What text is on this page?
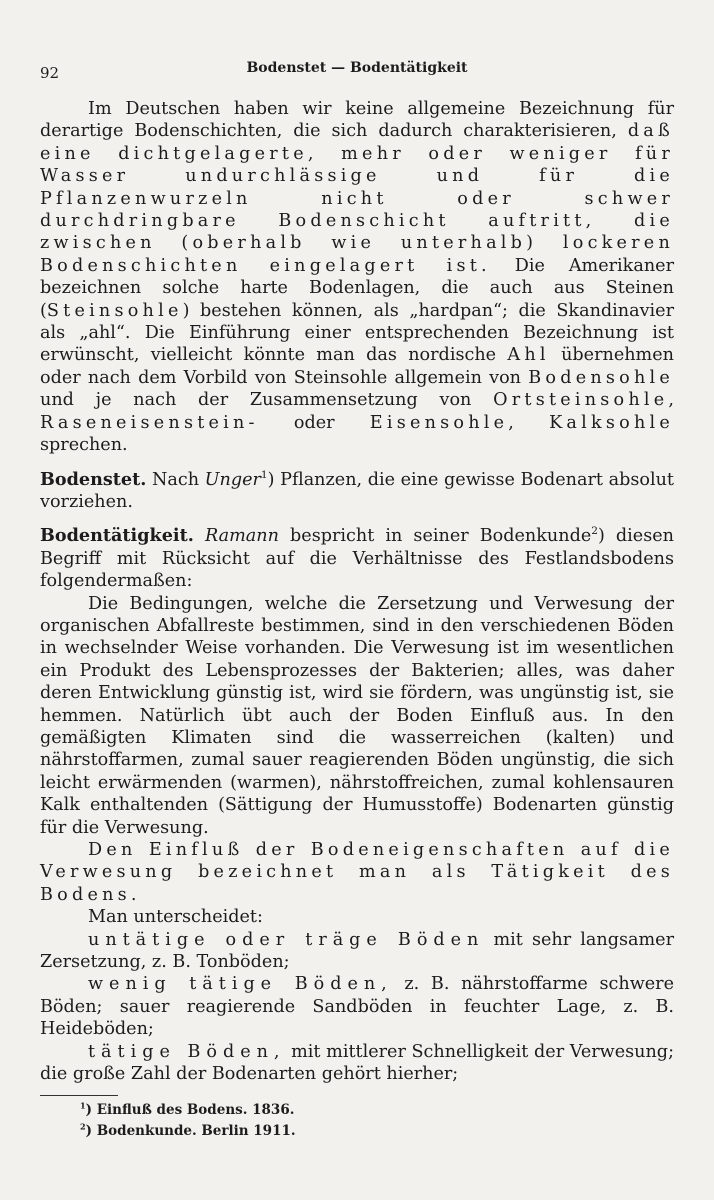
92	Bodenstet — Bodentätigkeit

Im Deutschen haben wir keine allgemeine Bezeichnung für derartige Bodenschichten, die sich dadurch charakterisieren, daß eine dichtgelagerte, mehr oder weniger für Wasser undurchlässige und für die Pflanzenwurzeln nicht oder schwer durchdringbare Bodenschicht auftritt, die zwischen (oberhalb wie unterhalb) lockeren Bodenschichten eingelagert ist. Die Amerikaner bezeichnen solche harte Bodenlagen, die auch aus Steinen (Steinsohle) bestehen können, als „hardpan“; die Skandinavier als „ahl“. Die Einführung einer entsprechenden Bezeichnung ist erwünscht, vielleicht könnte man das nordische Ahl übernehmen oder nach dem Vorbild von Steinsohle allgemein von Bodensohle und je nach der Zusammensetzung von Ortsteinsohle, Raseneisenstein- oder Eisensohle, Kalksohle sprechen.

Bodenstet. Nach Unger$^1$) Pflanzen, die eine gewisse Bodenart absolut vorziehen.

Bodentätigkeit. Ramann bespricht in seiner Bodenkunde$^2$) diesen Begriff mit Rücksicht auf die Verhältnisse des Festlandsbodens folgendermaßen:

Die Bedingungen, welche die Zersetzung und Verwesung der organischen Abfallreste bestimmen, sind in den verschiedenen Böden in wechselnder Weise vorhanden. Die Verwesung ist im wesentlichen ein Produkt des Lebensprozesses der Bakterien; alles, was daher deren Entwicklung günstig ist, wird sie fördern, was ungünstig ist, sie hemmen. Natürlich übt auch der Boden Einfluß aus. In den gemäßigten Klimaten sind die wasserreichen (kalten) und nährstoffarmen, zumal sauer reagierenden Böden ungünstig, die sich leicht erwärmenden (warmen), nährstoffreichen, zumal kohlensauren Kalk enthaltenden (Sättigung der Humusstoffe) Bodenarten günstig für die Verwesung.

Den Einfluß der Bodeneigenschaften auf die Verwesung bezeichnet man als Tätigkeit des Bodens.

Man unterscheidet:

untätige oder träge Böden mit sehr langsamer Zersetzung, z. B. Tonböden;

wenig tätige Böden, z. B. nährstoffarme schwere Böden; sauer reagierende Sandböden in feuchter Lage, z. B. Heideböden;

tätige Böden, mit mittlerer Schnelligkeit der Verwesung; die große Zahl der Bodenarten gehört hierher;

$^1$) Einfluß des Bodens. 1836.
$^2$) Bodenkunde. Berlin 1911.
